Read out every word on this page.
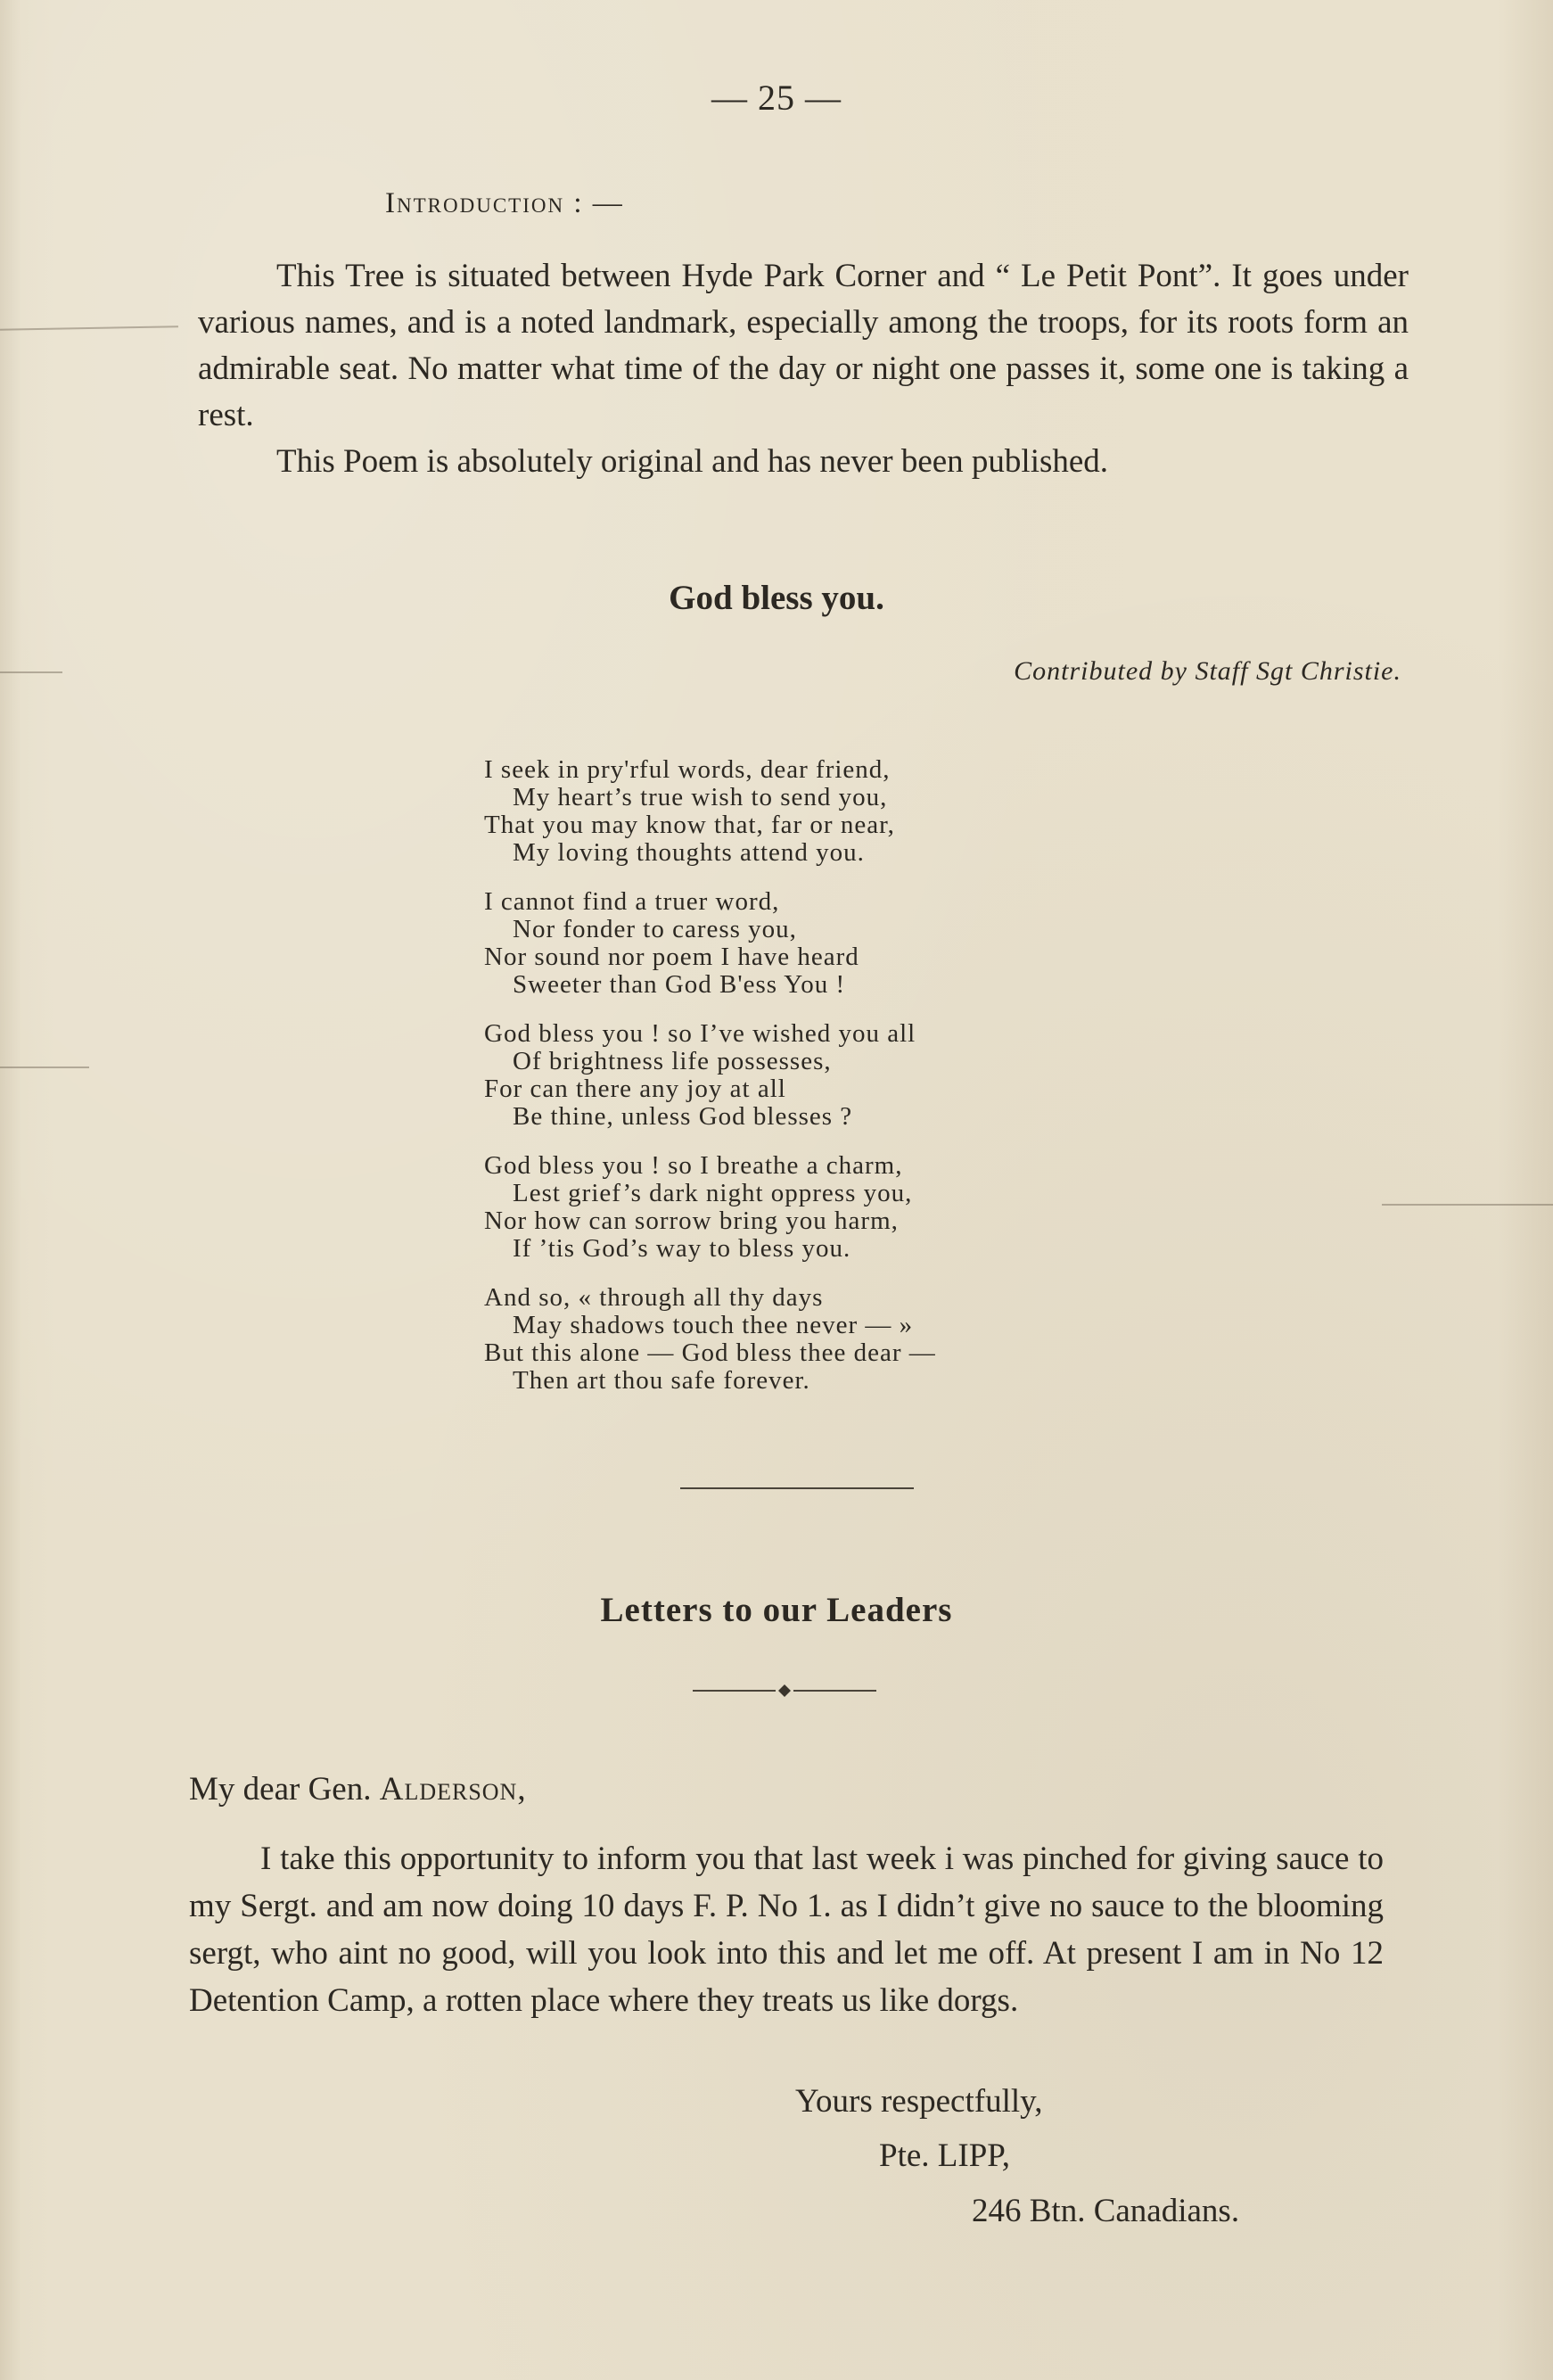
— 25 —
Introduction : —

This Tree is situated between Hyde Park Corner and “ Le Petit Pont”. It goes under various names, and is a noted landmark, especially among the troops, for its roots form an admirable seat. No matter what time of the day or night one passes it, some one is taking a rest.

This Poem is absolutely original and has never been published.

God bless you.
Contributed by Staff Sgt Christie.
I seek in pry'rful words, dear friend,
My heart’s true wish to send you,
That you may know that, far or near,
My loving thoughts attend you.
I cannot find a truer word,
Nor fonder to caress you,
Nor sound nor poem I have heard
Sweeter than God B'ess You !
God bless you ! so I’ve wished you all
Of brightness life possesses,
For can there any joy at all
Be thine, unless God blesses ?
God bless you ! so I breathe a charm,
Lest grief’s dark night oppress you,
Nor how can sorrow bring you harm,
If ’tis God’s way to bless you.
And so, « through all thy days
May shadows touch thee never — »
But this alone — God bless thee dear —
Then art thou safe forever.
Letters to our Leaders

My dear Gen. Alderson,

I take this opportunity to inform you that last week i was pinched for giving sauce to my Sergt. and am now doing 10 days F. P. No 1. as I didn’t give no sauce to the blooming sergt, who aint no good, will you look into this and let me off. At present I am in No 12 Detention Camp, a rotten place where they treats us like dorgs.

Yours respectfully,
Pte. LIPP,
246 Btn. Canadians.
